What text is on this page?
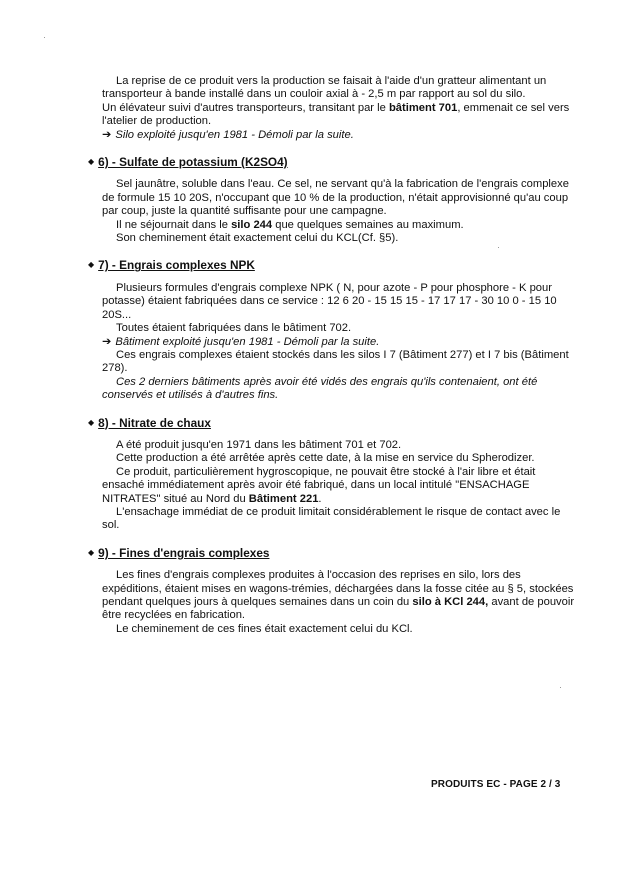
La reprise de ce produit vers la production se faisait à l'aide d'un gratteur alimentant un transporteur à bande installé dans un couloir axial à - 2,5 m par rapport au sol du silo.

Un élévateur suivi d'autres transporteurs, transitant par le bâtiment 701, emmenait ce sel vers l'atelier de production.

➔ Silo exploité jusqu'en 1981 - Démoli par la suite.

◆ 6) - Sulfate de potassium (K2SO4)

Sel jaunâtre, soluble dans l'eau. Ce sel, ne servant qu'à la fabrication de l'engrais complexe de formule 15 10 20S, n'occupant que 10 % de la production, n'était approvisionné qu'au coup par coup, juste la quantité suffisante pour une campagne.

Il ne séjournait dans le silo 244 que quelques semaines au maximum.

Son cheminement était exactement celui du KCL(Cf. §5).

◆ 7) - Engrais complexes NPK

Plusieurs formules d'engrais complexe NPK ( N, pour azote - P pour phosphore - K pour potasse) étaient fabriquées dans ce service : 12 6 20 - 15 15 15 - 17 17 17 - 30 10 0 - 15 10 20S...

Toutes étaient fabriquées dans le bâtiment 702.

➔ Bâtiment exploité jusqu'en 1981 - Démoli par la suite.

Ces engrais complexes étaient stockés dans les silos I 7 (Bâtiment 277) et I 7 bis (Bâtiment 278).

Ces 2 derniers bâtiments après avoir été vidés des engrais qu'ils contenaient, ont été conservés et utilisés à d'autres fins.

◆ 8) - Nitrate de chaux

A été produit jusqu'en 1971 dans les bâtiment 701 et 702.

Cette production a été arrêtée après cette date, à la mise en service du Spherodizer.

Ce produit, particulièrement hygroscopique, ne pouvait être stocké à l'air libre et était ensaché immédiatement après avoir été fabriqué, dans un local intitulé "ENSACHAGE NITRATES" situé au Nord du Bâtiment 221.

L'ensachage immédiat de ce produit limitait considérablement le risque de contact avec le sol.

◆ 9) - Fines d'engrais complexes

Les fines d'engrais complexes produites à l'occasion des reprises en silo, lors des expéditions, étaient mises en wagons-trémies, déchargées dans la fosse citée au § 5, stockées pendant quelques jours à quelques semaines dans un coin du silo à KCl 244, avant de pouvoir être recyclées en fabrication.

Le cheminement de ces fines était exactement celui du KCl.

PRODUITS EC - PAGE 2 / 3
